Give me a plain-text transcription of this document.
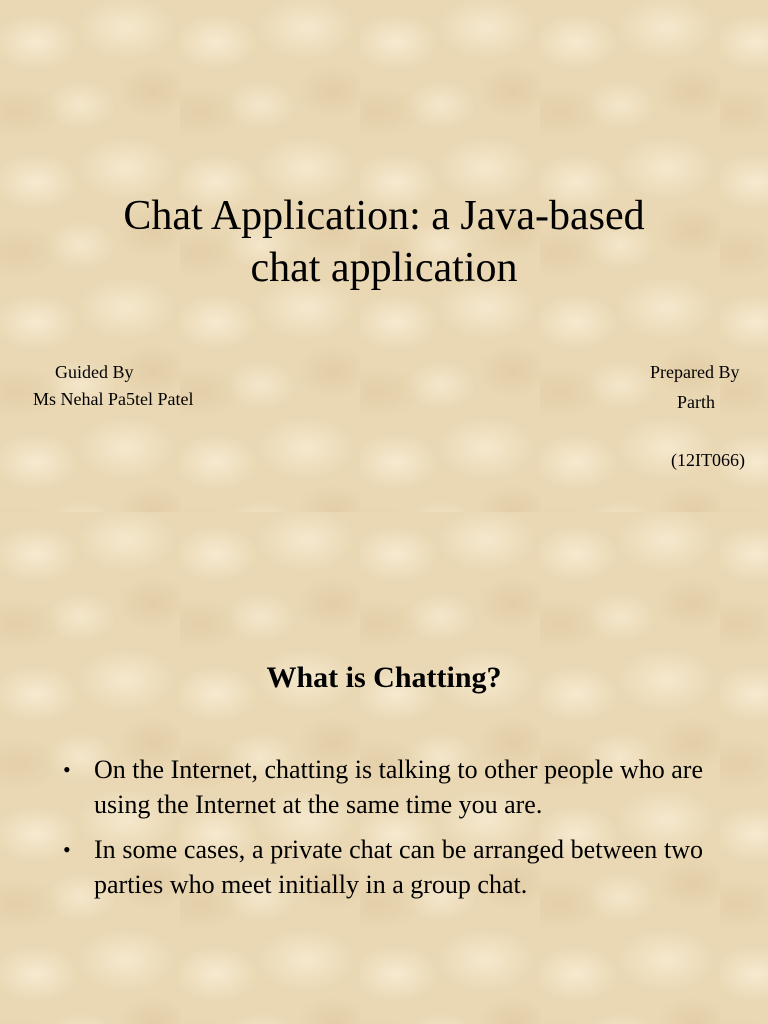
Chat Application: a Java-based
chat application
Guided By
Ms Nehal Pa5tel Patel
Prepared By
Parth
(12IT066)
What is Chatting?
• On the Internet, chatting is talking to other people who are using the Internet at the same time you are.
• In some cases, a private chat can be arranged between two parties who meet initially in a group chat.
